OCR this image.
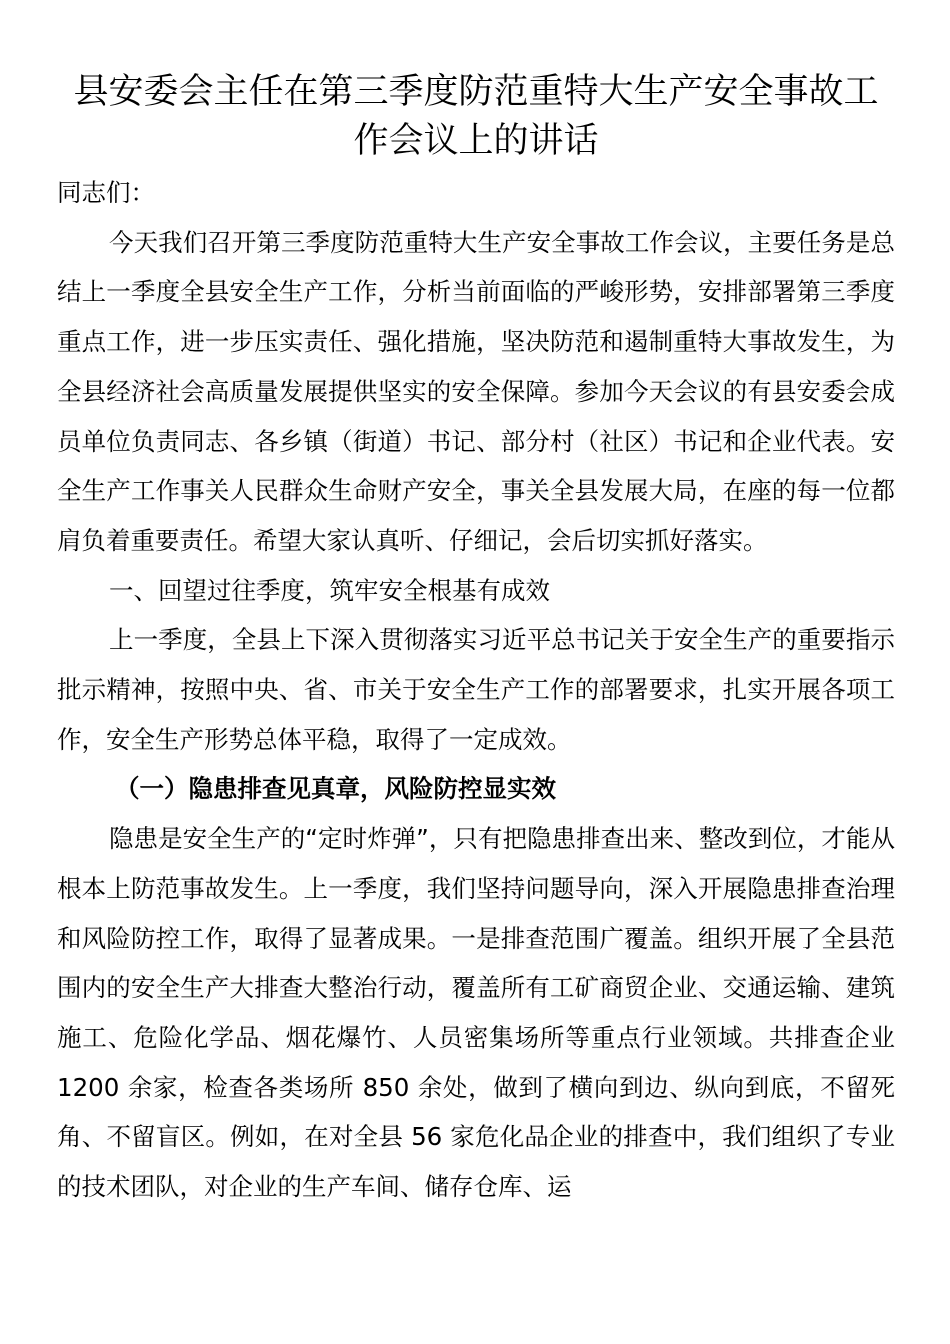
县安委会主任在第三季度防范重特大生产安全事故工
作会议上的讲话

同志们：

今天我们召开第三季度防范重特大生产安全事故工作会议，主要任务是总结上一季度全县安全生产工作，分析当前面临的严峻形势，安排部署第三季度重点工作，进一步压实责任、强化措施，坚决防范和遏制重特大事故发生，为全县经济社会高质量发展提供坚实的安全保障。参加今天会议的有县安委会成员单位负责同志、各乡镇（街道）书记、部分村（社区）书记和企业代表。安全生产工作事关人民群众生命财产安全，事关全县发展大局，在座的每一位都肩负着重要责任。希望大家认真听、仔细记，会后切实抓好落实。

一、回望过往季度，筑牢安全根基有成效

上一季度，全县上下深入贯彻落实习近平总书记关于安全生产的重要指示批示精神，按照中央、省、市关于安全生产工作的部署要求，扎实开展各项工作，安全生产形势总体平稳，取得了一定成效。

（一）隐患排查见真章，风险防控显实效

隐患是安全生产的“定时炸弹”，只有把隐患排查出来、整改到位，才能从根本上防范事故发生。上一季度，我们坚持问题导向，深入开展隐患排查治理和风险防控工作，取得了显著成果。一是排查范围广覆盖。组织开展了全县范围内的安全生产大排查大整治行动，覆盖所有工矿商贸企业、交通运输、建筑施工、危险化学品、烟花爆竹、人员密集场所等重点行业领域。共排查企业 1200 余家，检查各类场所 850 余处，做到了横向到边、纵向到底，不留死角、不留盲区。例如，在对全县 56 家危化品企业的排查中，我们组织了专业的技术团队，对企业的生产车间、储存仓库、运
